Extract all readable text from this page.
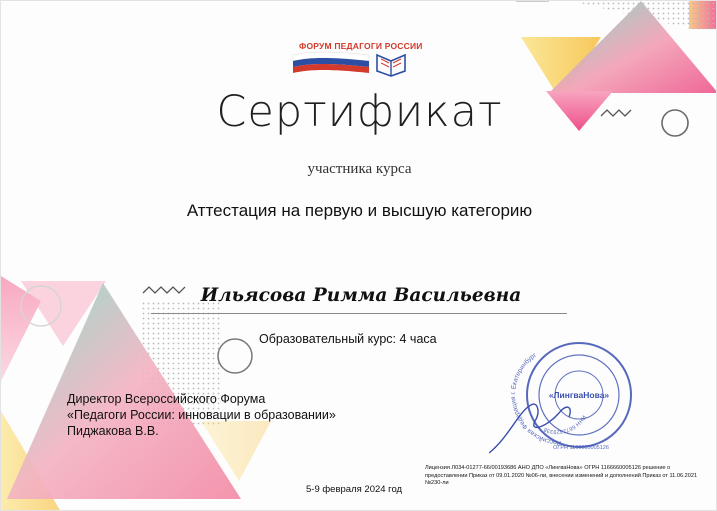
ФОРУМ ПЕДАГОГИ РОССИИ
Сертификат
участника курса
Аттестация на первую и высшую категорию
Ильясова Римма Васильевна
Образовательный курс: 4 часа
Директор Всероссийского Форума
«Педагоги России: инновации в образовании»
Пиджакова В.В.
5-9 февраля 2024 год
Лицензия Л034-01277-66/00193686 АНО ДПО «ЛингваНова» ОГРН 1166660005126 решение о предоставлении Приказ от 09.01.2020 №06-ли, внесении изменений и дополнений Приказ от 11.06.2021 №230-ли
Российская Федерация г. Екатеринбург
ИНН 6672329338
ОГРН 1166660005126
«ЛингваНова»
